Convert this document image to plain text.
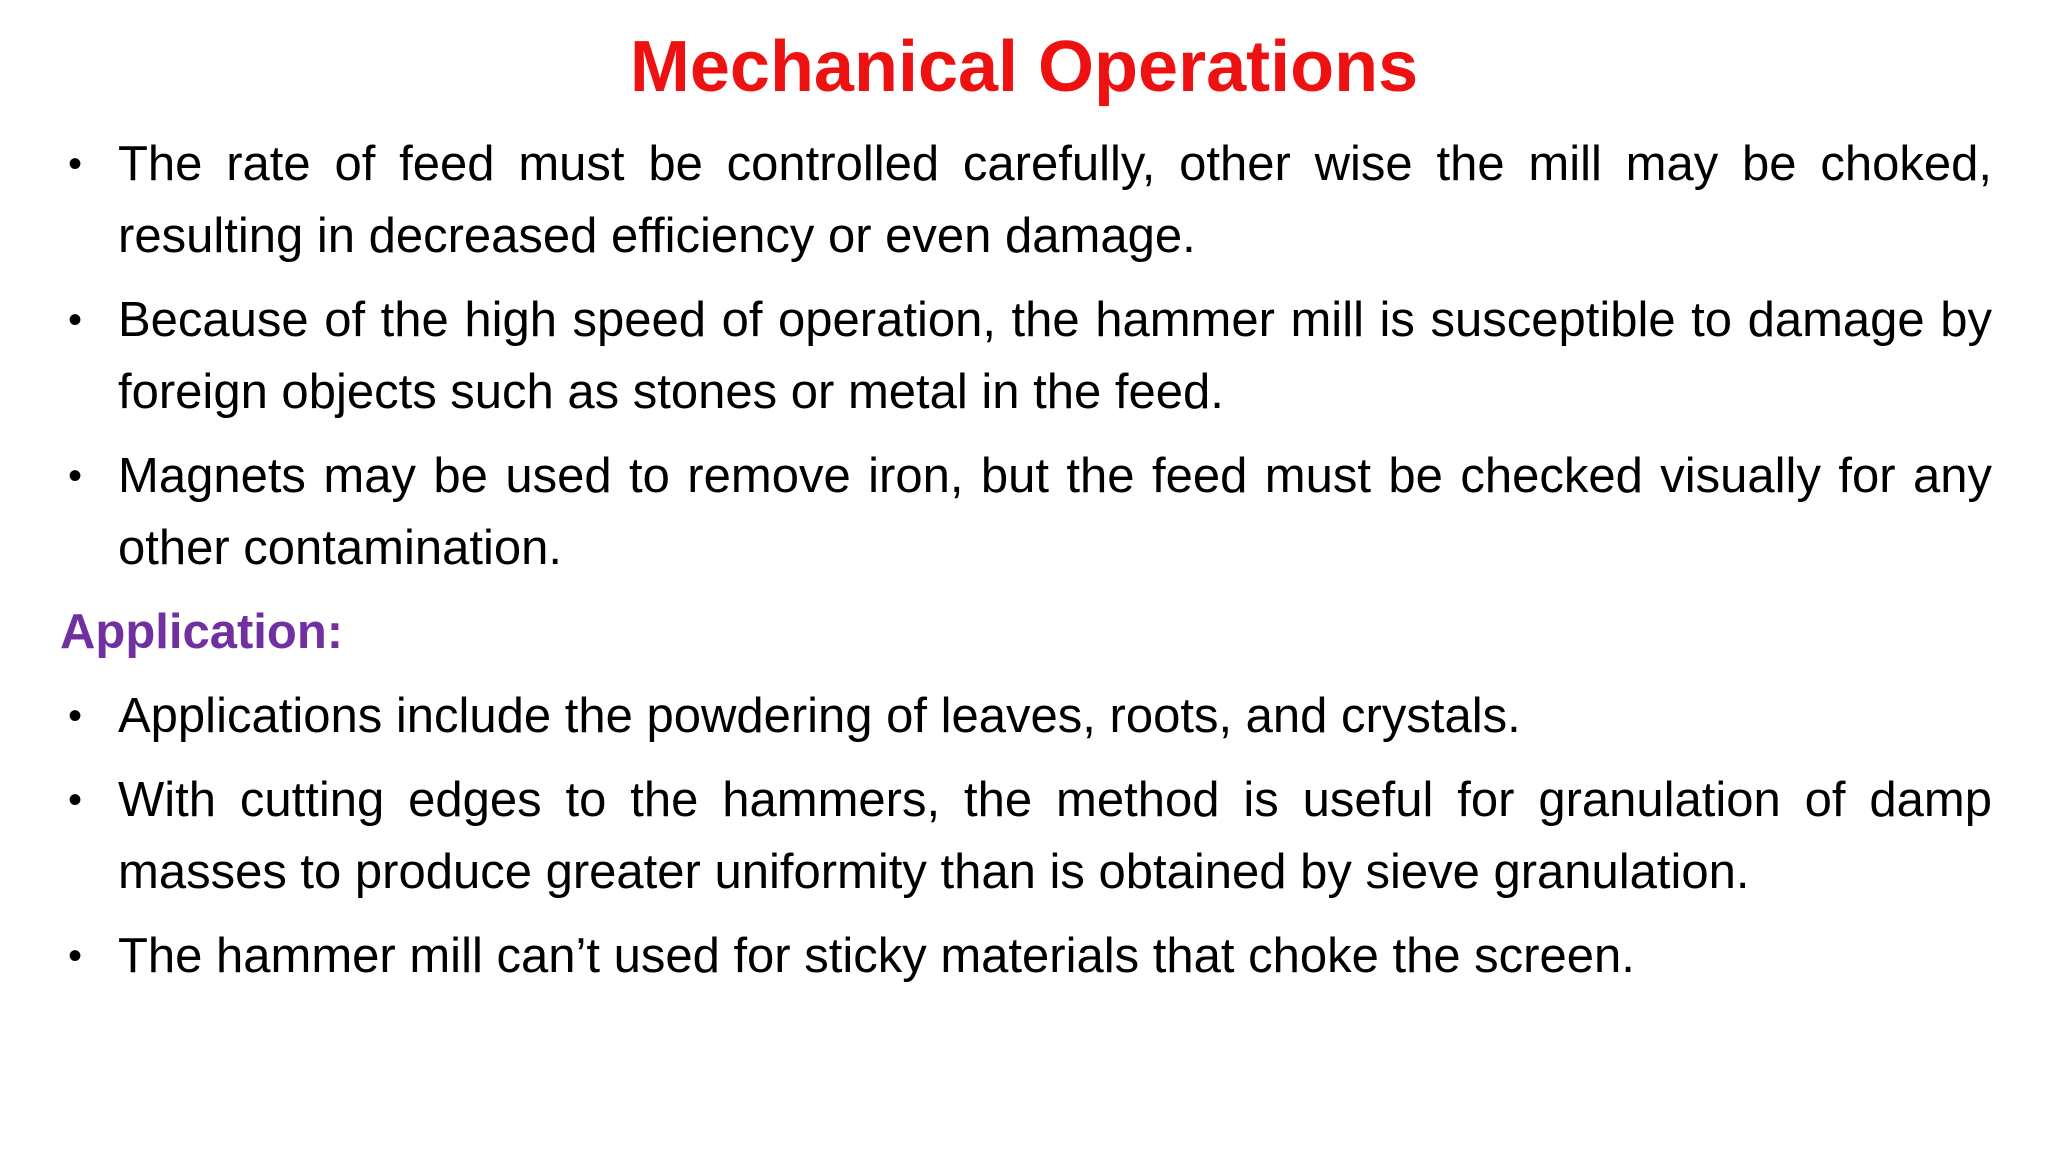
Mechanical Operations
• The rate of feed must be controlled carefully, other wise the mill may be choked, resulting in decreased efficiency or even damage.
• Because of the high speed of operation, the hammer mill is susceptible to damage by foreign objects such as stones or metal in the feed.
• Magnets may be used to remove iron, but the feed must be checked visually for any other contamination.
Application:
• Applications include the powdering of leaves, roots, and crystals.
• With cutting edges to the hammers, the method is useful for granulation of damp masses to produce greater uniformity than is obtained by sieve granulation.
• The hammer mill can’t used for sticky materials that choke the screen.
